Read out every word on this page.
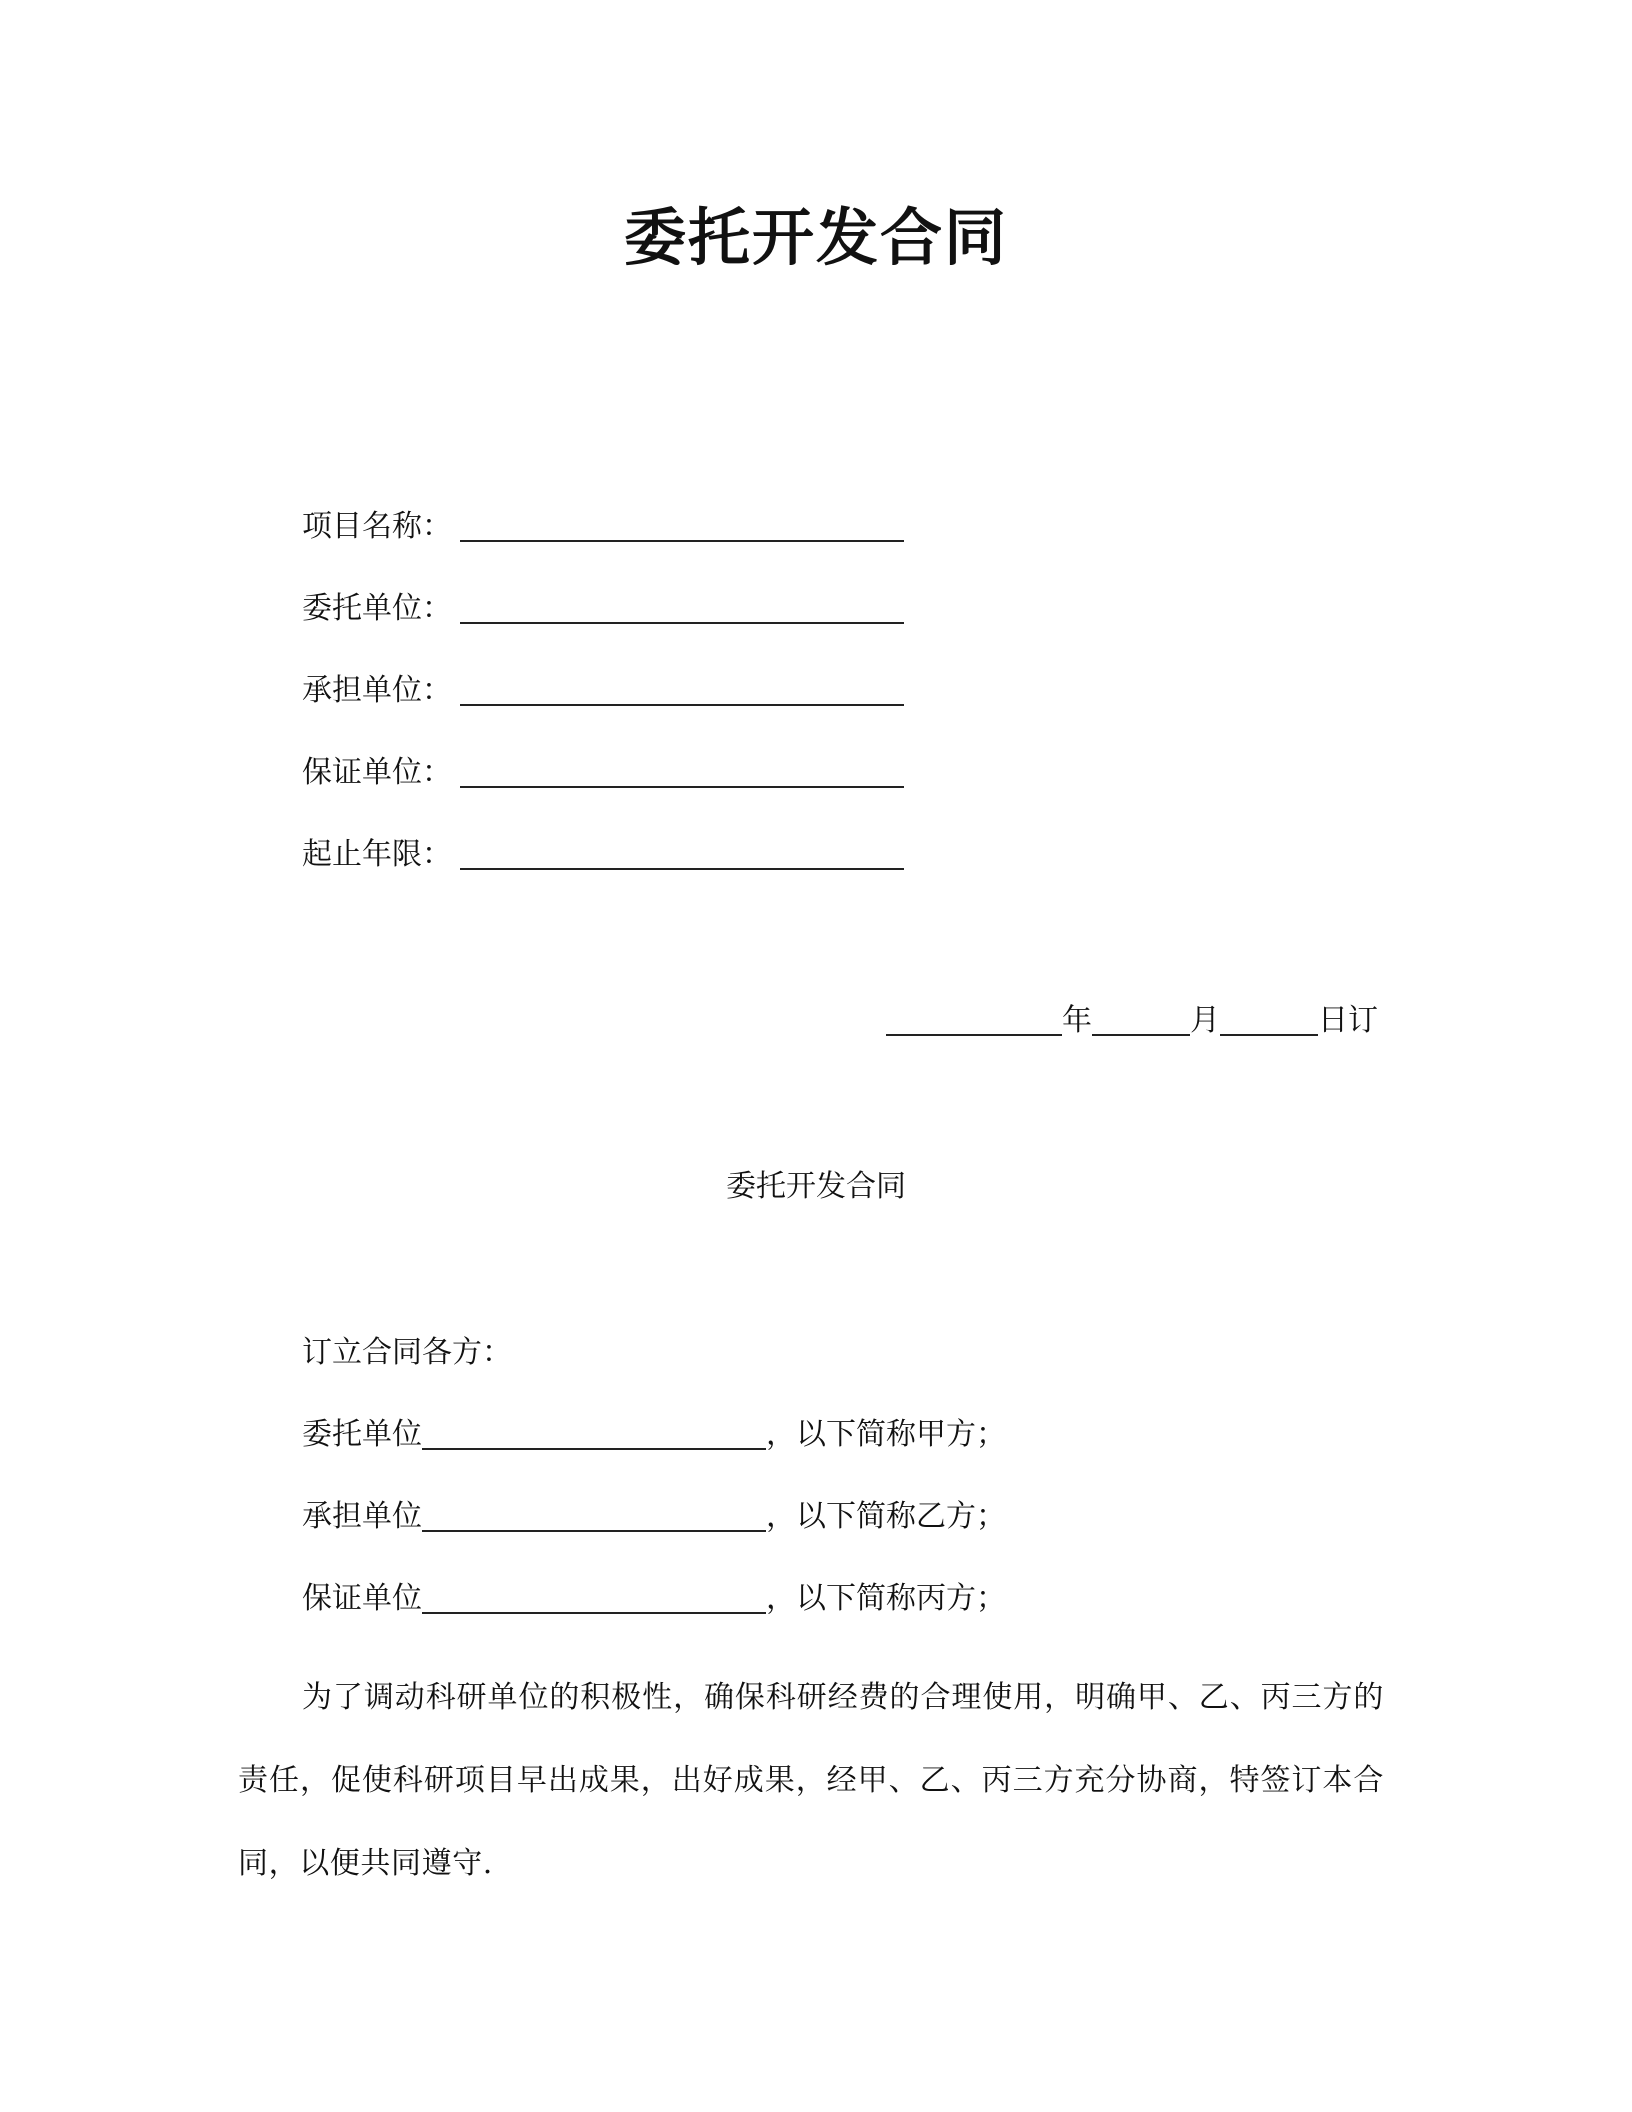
委托开发合同
项目名称：
委托单位：
承担单位：
保证单位：
起止年限：
年	月	日订
委托开发合同
订立合同各方：
委托单位	，以下简称甲方；
承担单位	，以下简称乙方；
保证单位	，以下简称丙方；

为了调动科研单位的积极性，确保科研经费的合理使用，明确甲、乙、丙三方的责任，促使科研项目早出成果，出好成果，经甲、乙、丙三方充分协商，特签订本合同，以便共同遵守.
